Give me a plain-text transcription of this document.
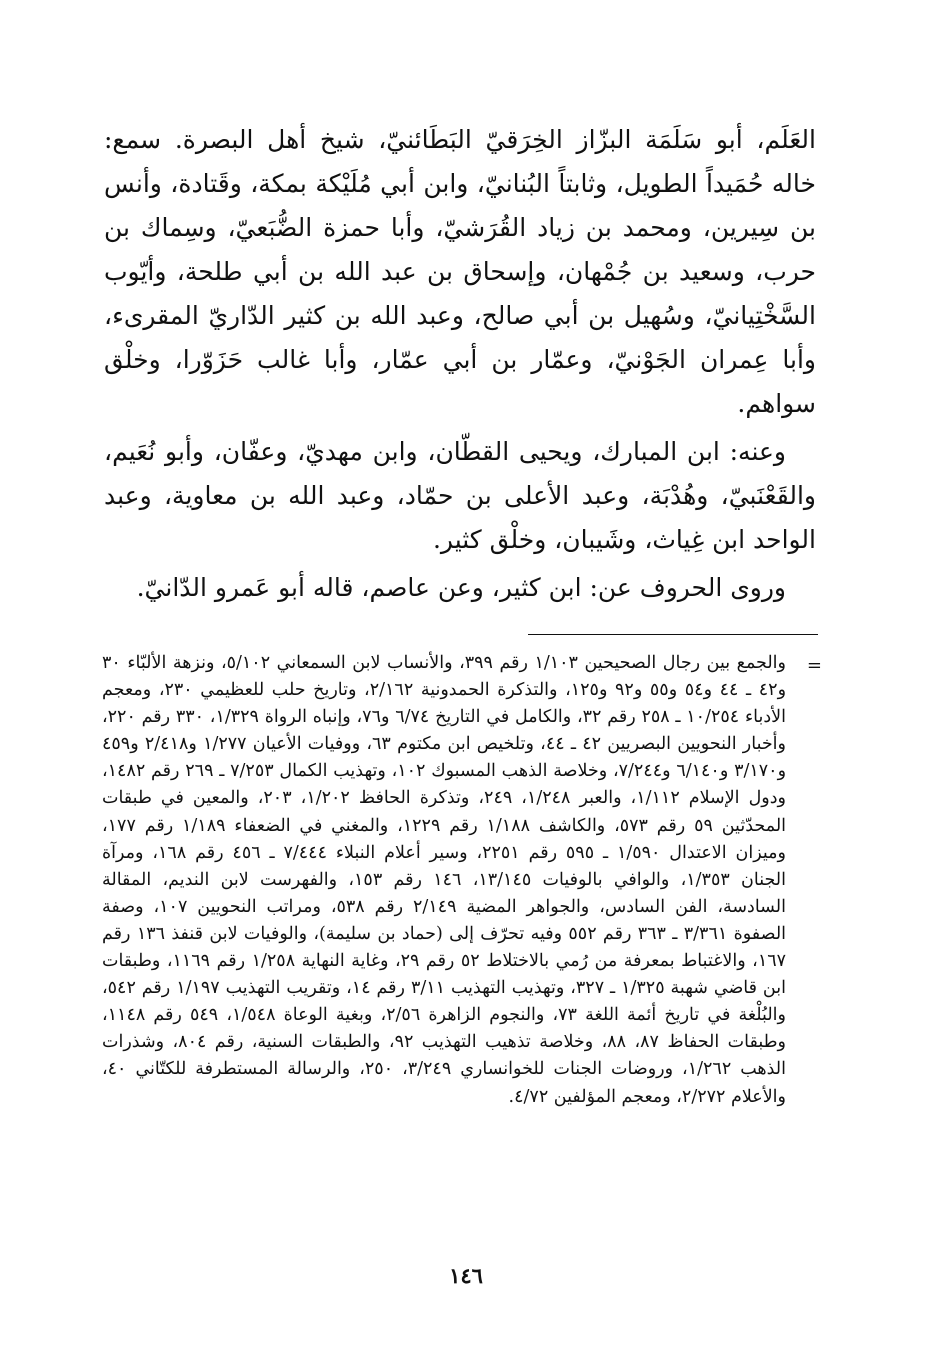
العَلَم، أبو سَلَمَة البزّاز الخِرَقيّ البَطَائنيّ، شيخ أهل البصرة. سمع: خاله حُمَيداً الطويل، وثابتاً البُنانيّ، وابن أبي مُلَيْكة بمكة، وقَتادة، وأنس بن سِيرين، ومحمد بن زياد القُرَشيّ، وأبا حمزة الضُّبَعيّ، وسِماك بن حرب، وسعيد بن جُمْهان، وإسحاق بن عبد الله بن أبي طلحة، وأيّوب السَّخْتِيانيّ، وسُهيل بن أبي صالح، وعبد الله بن كثير الدّاريّ المقرىء، وأبا عِمران الجَوْنيّ، وعمّار بن أبي عمّار، وأبا غالب حَزَوّرا، وخلْق سواهم.

وعنه: ابن المبارك، ويحيى القطّان، وابن مهديّ، وعفّان، وأبو نُعَيم، والقَعْنَبيّ، وهُدْبَة، وعبد الأعلى بن حمّاد، وعبد الله بن معاوية، وعبد الواحد ابن غِياث، وشَيبان، وخلْق كثير.

وروى الحروف عن: ابن كثير، وعن عاصم، قاله أبو عَمرو الدّانيّ.

=

والجمع بين رجال الصحيحين ١/١٠٣ رقم ٣٩٩، والأنساب لابن السمعاني ٥/١٠٢، ونزهة الألبّاء ٣٠ و٤٢ ـ ٤٤ و٥٤ و٥٥ و٩٢ و١٢٥، والتذكرة الحمدونية ٢/١٦٢، وتاريخ حلب للعظيمي ٢٣٠، ومعجم الأدباء ١٠/٢٥٤ ـ ٢٥٨ رقم ٣٢، والكامل في التاريخ ٦/٧٤ و٧٦، وإنباه الرواة ١/٣٢٩، ٣٣٠ رقم ٢٢٠، وأخبار النحويين البصريين ٤٢ ـ ٤٤، وتلخيص ابن مكتوم ٦٣، ووفيات الأعيان ١/٢٧٧ و٢/٤١٨ و٤٥٩ و٣/١٧٠ و٦/١٤٠ و٧/٢٤٤، وخلاصة الذهب المسبوك ١٠٢، وتهذيب الكمال ٧/٢٥٣ ـ ٢٦٩ رقم ١٤٨٢، ودول الإسلام ١/١١٢، والعبر ١/٢٤٨، ٢٤٩، وتذكرة الحافظ ١/٢٠٢، ٢٠٣، والمعين في طبقات المحدّثين ٥٩ رقم ٥٧٣، والكاشف ١/١٨٨ رقم ١٢٢٩، والمغني في الضعفاء ١/١٨٩ رقم ١٧٧، وميزان الاعتدال ١/٥٩٠ ـ ٥٩٥ رقم ٢٢٥١، وسير أعلام النبلاء ٧/٤٤٤ ـ ٤٥٦ رقم ١٦٨، ومرآة الجنان ١/٣٥٣، والوافي بالوفيات ١٣/١٤٥، ١٤٦ رقم ١٥٣، والفهرست لابن النديم، المقالة السادسة، الفن السادس، والجواهر المضية ٢/١٤٩ رقم ٥٣٨، ومراتب النحويين ١٠٧، وصفة الصفوة ٣/٣٦١ ـ ٣٦٣ رقم ٥٥٢ وفيه تحرّف إلى (حماد بن سليمة)، والوفيات لابن قنفذ ١٣٦ رقم ١٦٧، والاغتباط بمعرفة من رُمي بالاختلاط ٥٢ رقم ٢٩، وغاية النهاية ١/٢٥٨ رقم ١١٦٩، وطبقات ابن قاضي شهبة ١/٣٢٥ ـ ٣٢٧، وتهذيب التهذيب ٣/١١ رقم ١٤، وتقريب التهذيب ١/١٩٧ رقم ٥٤٢، والبُلْغة في تاريخ أئمة اللغة ٧٣، والنجوم الزاهرة ٢/٥٦، وبغية الوعاة ١/٥٤٨، ٥٤٩ رقم ١١٤٨، وطبقات الحفاظ ٨٧، ٨٨، وخلاصة تذهيب التهذيب ٩٢، والطبقات السنية، رقم ٨٠٤، وشذرات الذهب ١/٢٦٢، وروضات الجنات للخوانساري ٣/٢٤٩، ٢٥٠، والرسالة المستطرفة للكتّاني ٤٠، والأعلام ٢/٢٧٢، ومعجم المؤلفين ٤/٧٢.

١٤٦
